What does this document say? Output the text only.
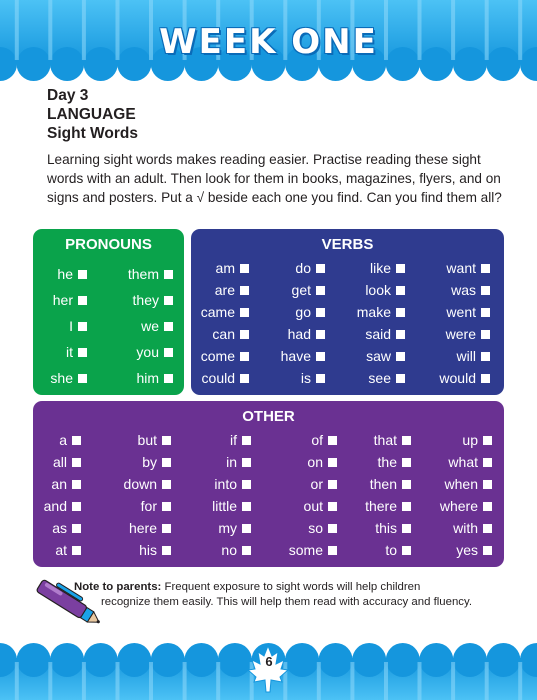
WEEK ONE
Day 3
LANGUAGE
Sight Words

Learning sight words makes reading easier. Practise reading these sight words with an adult. Then look for them in books, magazines, flyers, and on signs and posters. Put a √ beside each one you find. Can you find them all?

PRONOUNS
he
her
I
it
she
them
they
we
you
him
VERBS
am
are
came
can
come
could
do
get
go
had
have
is
like
look
make
said
saw
see
want
was
went
were
will
would
OTHER
a
all
an
and
as
at
but
by
down
for
here
his
if
in
into
little
my
no
of
on
or
out
so
some
that
the
then
there
this
to
up
what
when
where
with
yes

Note to parents: Frequent exposure to sight words will help children
recognize them easily. This will help them read with accuracy and fluency.

6
